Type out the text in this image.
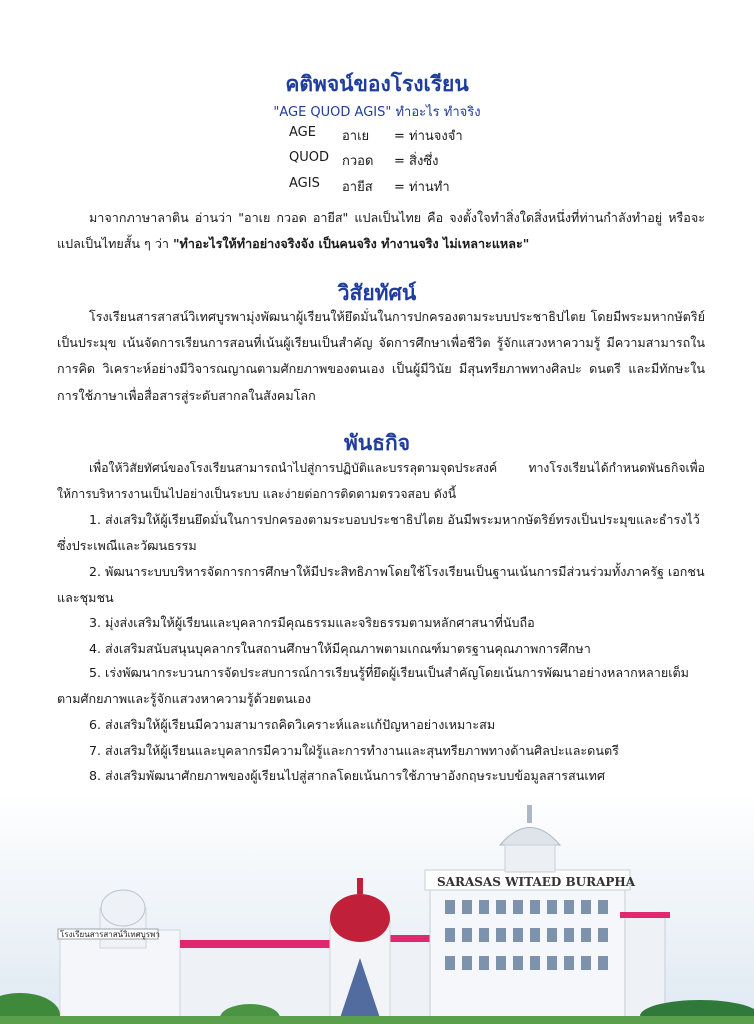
คติพจน์ของโรงเรียน
"AGE QUOD AGIS" ทำอะไร ทำจริง
AGE อาเย = ท่านจงจำ
QUOD กวอด = สิ่งซึ่ง
AGIS อายีส = ท่านทำ
มาจากภาษาลาติน อ่านว่า "อาเย กวอด อายีส" แปลเป็นไทย คือ จงตั้งใจทำสิ่งใดสิ่งหนึ่งที่ท่านกำลังทำอยู่ หรือจะแปลเป็นไทยสั้น ๆ ว่า "ทำอะไรให้ทำอย่างจริงจัง เป็นคนจริง ทำงานจริง ไม่เหลาะแหละ"
วิสัยทัศน์
โรงเรียนสารสาสน์วิเทศบูรพามุ่งพัฒนาผู้เรียนให้ยึดมั่นในการปกครองตามระบบประชาธิปไตย โดยมีพระมหากษัตริย์เป็นประมุข เน้นจัดการเรียนการสอนที่เน้นผู้เรียนเป็นสำคัญ จัดการศึกษาเพื่อชีวิต รู้จักแสวงหาความรู้ มีความสามารถในการคิด วิเคราะห์อย่างมีวิจารณญาณตามศักยภาพของตนเอง เป็นผู้มีวินัย มีสุนทรียภาพทางศิลปะ ดนตรี และมีทักษะในการใช้ภาษาเพื่อสื่อสารสู่ระดับสากลในสังคมโลก
พันธกิจ
เพื่อให้วิสัยทัศน์ของโรงเรียนสามารถนำไปสู่การปฏิบัติและบรรลุตามจุดประสงค์ ทางโรงเรียนได้กำหนดพันธกิจเพื่อให้การบริหารงานเป็นไปอย่างเป็นระบบ และง่ายต่อการติดตามตรวจสอบ ดังนี้
1. ส่งเสริมให้ผู้เรียนยึดมั่นในการปกครองตามระบอบประชาธิปไตย อันมีพระมหากษัตริย์ทรงเป็นประมุขและธำรงไว้ซึ่งประเพณีและวัฒนธรรม
2. พัฒนาระบบบริหารจัดการการศึกษาให้มีประสิทธิภาพโดยใช้โรงเรียนเป็นฐานเน้นการมีส่วนร่วมทั้งภาครัฐ เอกชน และชุมชน
3. มุ่งส่งเสริมให้ผู้เรียนและบุคลากรมีคุณธรรมและจริยธรรมตามหลักศาสนาที่นับถือ
4. ส่งเสริมสนับสนุนบุคลากรในสถานศึกษาให้มีคุณภาพตามเกณฑ์มาตรฐานคุณภาพการศึกษา
5. เร่งพัฒนากระบวนการจัดประสบการณ์การเรียนรู้ที่ยึดผู้เรียนเป็นสำคัญโดยเน้นการพัฒนาอย่างหลากหลายเต็มตามศักยภาพและรู้จักแสวงหาความรู้ด้วยตนเอง
6. ส่งเสริมให้ผู้เรียนมีความสามารถคิดวิเคราะห์และแก้ปัญหาอย่างเหมาะสม
7. ส่งเสริมให้ผู้เรียนและบุคลากรมีความใฝ่รู้และการทำงานและสุนทรียภาพทางด้านศิลปะและดนตรี
8. ส่งเสริมพัฒนาศักยภาพของผู้เรียนไปสู่สากลโดยเน้นการใช้ภาษาอังกฤษระบบข้อมูลสารสนเทศ
โรงเรียนสารสาสน์วิเทศบูรพา
SARASAS WITAED BURAPHA
